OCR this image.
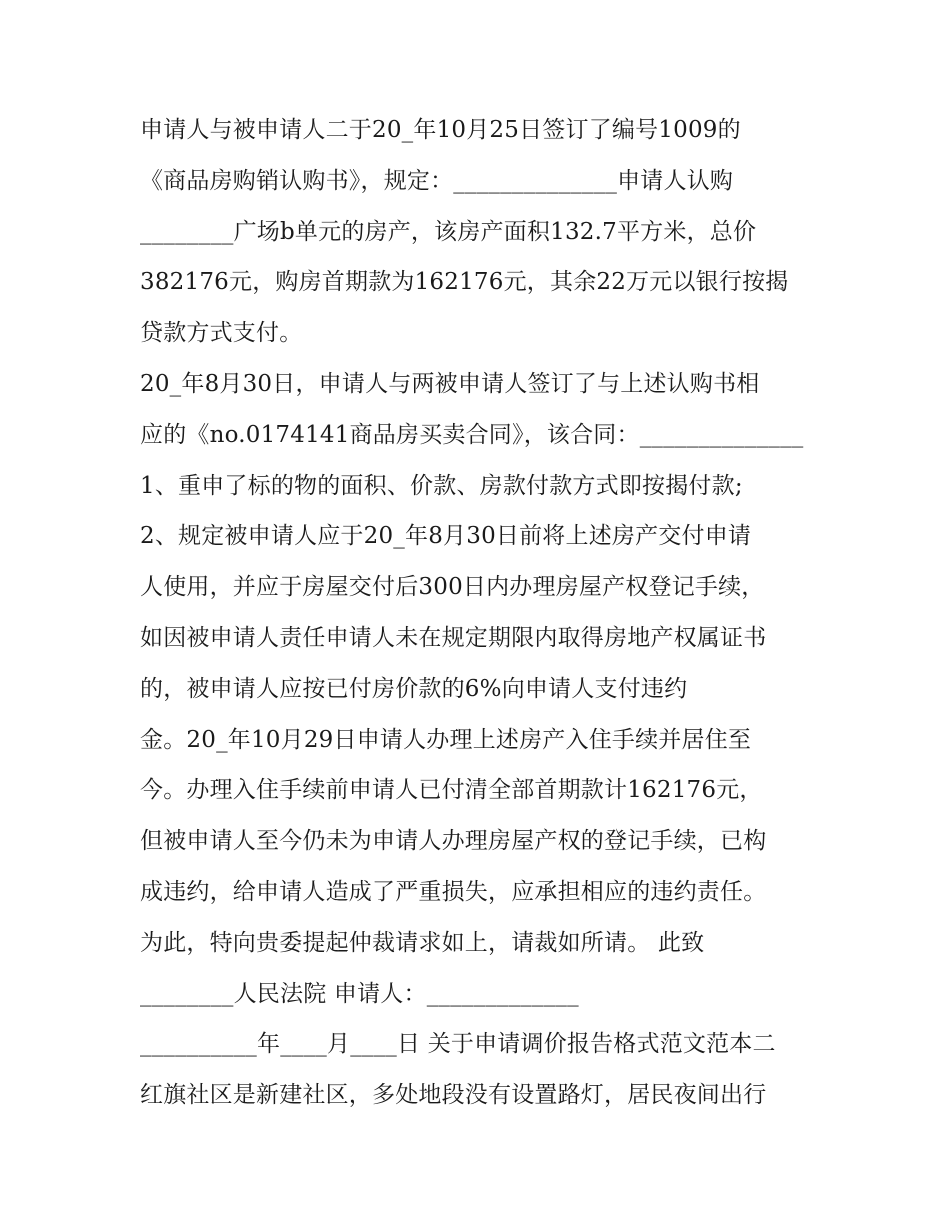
申请人与被申请人二于20_年10月25日签订了编号1009的
《商品房购销认购书》，规定：______________申请人认购
________广场b单元的房产，该房产面积132.7平方米，总价
382176元，购房首期款为162176元，其余22万元以银行按揭
贷款方式支付。
20_年8月30日，申请人与两被申请人签订了与上述认购书相
应的《no.0174141商品房买卖合同》，该合同：______________
1、重申了标的物的面积、价款、房款付款方式即按揭付款;
2、规定被申请人应于20_年8月30日前将上述房产交付申请
人使用，并应于房屋交付后300日内办理房屋产权登记手续，
如因被申请人责任申请人未在规定期限内取得房地产权属证书
的，被申请人应按已付房价款的6%向申请人支付违约
金。20_年10月29日申请人办理上述房产入住手续并居住至
今。办理入住手续前申请人已付清全部首期款计162176元，
但被申请人至今仍未为申请人办理房屋产权的登记手续，已构
成违约，给申请人造成了严重损失，应承担相应的违约责任。
为此，特向贵委提起仲裁请求如上，请裁如所请。 此致
________人民法院 申请人：_____________
__________年____月____日 关于申请调价报告格式范文范本二
红旗社区是新建社区，多处地段没有设置路灯，居民夜间出行
